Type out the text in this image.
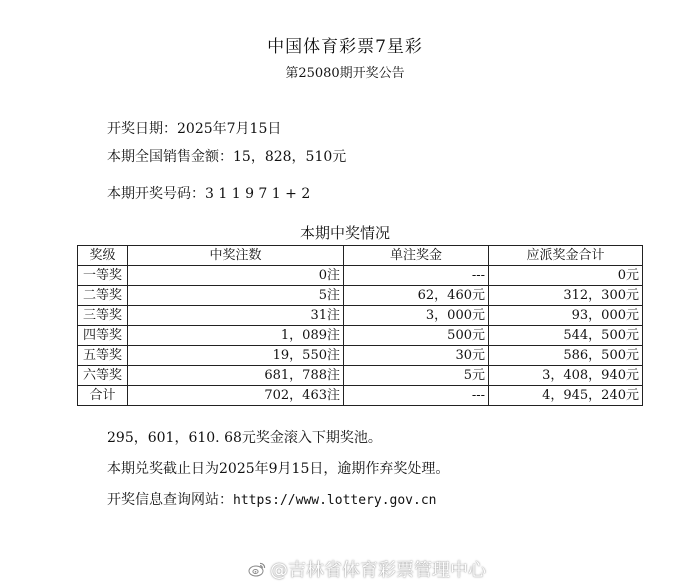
中国体育彩票7星彩
第25080期开奖公告
开奖日期：2025年7月15日
本期全国销售金额：15，828，510元
本期开奖号码：3 1 1 9 7 1 + 2
本期中奖情况
奖级	中奖注数	单注奖金	应派奖金合计
一等奖	0注	---	0元
二等奖	5注	62，460元	312，300元
三等奖	31注	3，000元	93，000元
四等奖	1，089注	500元	544，500元
五等奖	19，550注	30元	586，500元
六等奖	681，788注	5元	3，408，940元
合计	702，463注	---	4，945，240元
295，601，610. 68元奖金滚入下期奖池。
本期兑奖截止日为2025年9月15日，逾期作弃奖处理。
开奖信息查询网站：https://www.lottery.gov.cn
@吉林省体育彩票管理中心
